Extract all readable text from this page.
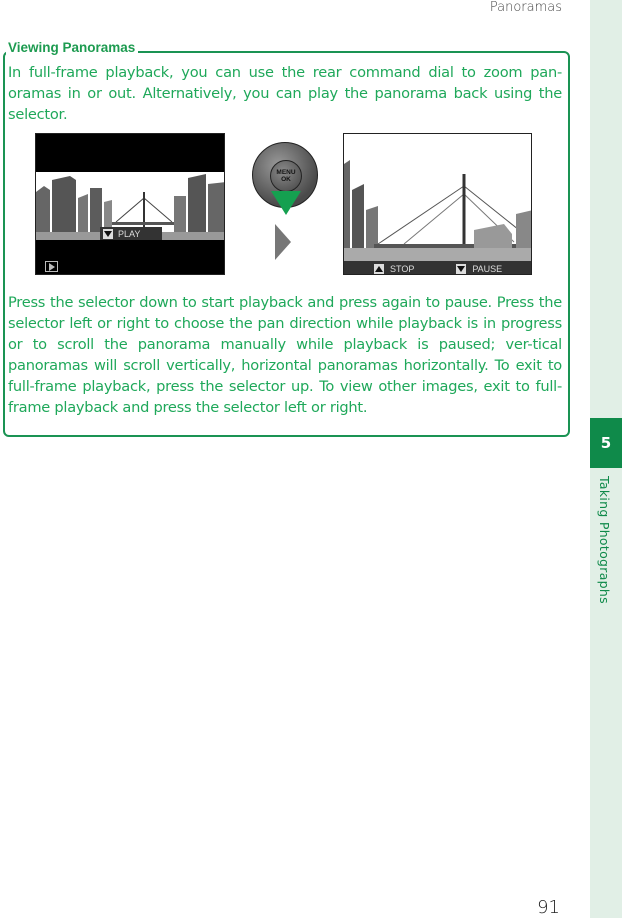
Panoramas
5
Taking Photographs
Viewing Panoramas

In full-frame playback, you can use the rear command dial to zoom pan-oramas in or out. Alternatively, you can play the panorama back using the selector.

PLAY
MENU
OK
STOP	PAUSE

Press the selector down to start playback and press again to pause. Press the selector left or right to choose the pan direction while playback is in progress or to scroll the panorama manually while playback is paused; ver-tical panoramas will scroll vertically, horizontal panoramas horizontally. To exit to full-frame playback, press the selector up. To view other images, exit to full-frame playback and press the selector left or right.

91
